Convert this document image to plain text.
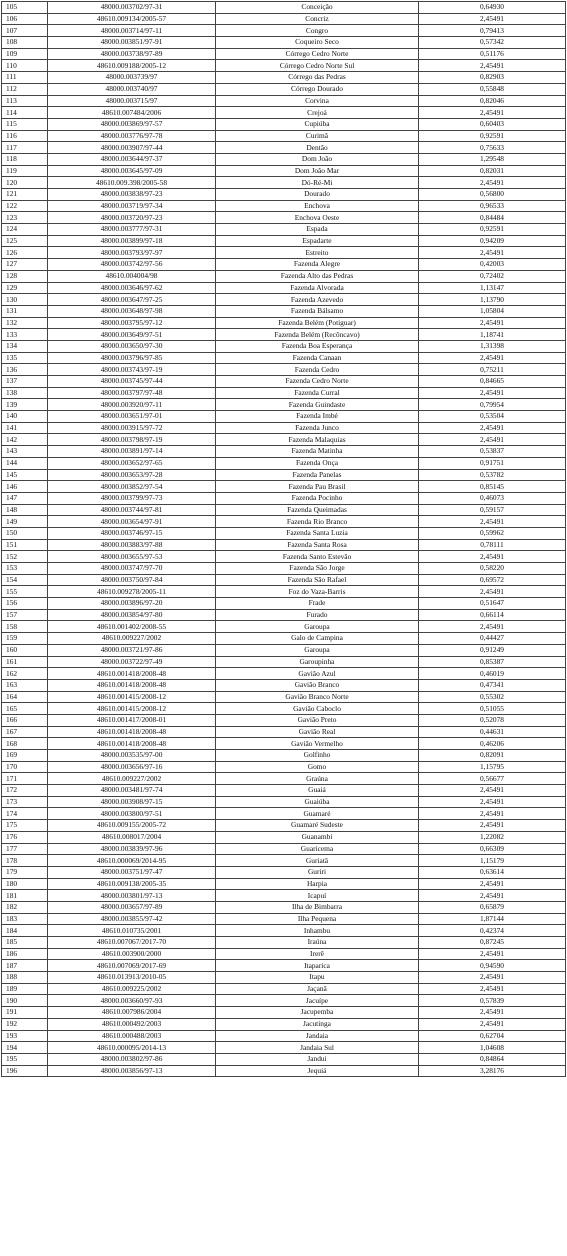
105	48000.003702/97-31	Conceição	0,64930
106	48610.009134/2005-57	Concriz	2,45491
107	48000.003714/97-11	Congro	0,79413
108	48000.003851/97-91	Coqueiro Seco	0,57342
109	48000.003738/97-89	Córrego Cedro Norte	0,51176
110	48610.009188/2005-12	Córrego Cedro Norte Sul	2,45491
111	48000.003739/97	Córrego das Pedras	0,82903
112	48000.003740/97	Córrego Dourado	0,55848
113	48000.003715/97	Corvina	0,82046
114	48610.007484/2006	Crejoá	2,45491
115	48000.003869/97-57	Cupiúba	0,60403
116	48000.003776/97-78	Curimã	0,92591
117	48000.003907/97-44	Dentão	0,75633
118	48000.003644/97-37	Dom João	1,29548
119	48000.003645/97-09	Dom João Mar	0,82031
120	48610.009.398/2005-58	Dó-Ré-Mi	2,45491
121	48000.003838/97-23	Dourado	0,56800
122	48000.003719/97-34	Enchova	0,96533
123	48000.003720/97-23	Enchova Oeste	0,84484
124	48000.003777/97-31	Espada	0,92591
125	48000.003899/97-18	Espadarte	0,94209
126	48000.003793/97-97	Estreito	2,45491
127	48000.003742/97-56	Fazenda Alegre	0,42003
128	48610.004004/98	Fazenda Alto das Pedras	0,72402
129	48000.003646/97-62	Fazenda Alvorada	1,13147
130	48000.003647/97-25	Fazenda Azevedo	1,13790
131	48000.003648/97-98	Fazenda Bálsamo	1,05804
132	48000.003795/97-12	Fazenda Belém (Potiguar)	2,45491
133	48000.003649/97-51	Fazenda Belém (Recôncavo)	1,18741
134	48000.003650/97-30	Fazenda Boa Esperança	1,31398
135	48000.003796/97-85	Fazenda Canaan	2,45491
136	48000.003743/97-19	Fazenda Cedro	0,75211
137	48000.003745/97-44	Fazenda Cedro Norte	0,84665
138	48000.003797/97-48	Fazenda Curral	2,45491
139	48000.003920/97-11	Fazenda Guindaste	0,79954
140	48000.003651/97-01	Fazenda Imbé	0,53504
141	48000.003915/97-72	Fazenda Junco	2,45491
142	48000.003798/97-19	Fazenda Malaquias	2,45491
143	48000.003891/97-14	Fazenda Matinha	0,53837
144	48000.003652/97-65	Fazenda Onça	0,91751
145	48000.003653/97-28	Fazenda Panelas	0,53782
146	48000.003852/97-54	Fazenda Pau Brasil	0,85145
147	48000.003799/97-73	Fazenda Pocinho	0,46073
148	48000.003744/97-81	Fazenda Queimadas	0,59157
149	48000.003654/97-91	Fazenda Rio Branco	2,45491
150	48000.003746/97-15	Fazenda Santa Luzia	0,59962
151	48000.003883/97-88	Fazenda Santa Rosa	0,78111
152	48000.003655/97-53	Fazenda Santo Estevão	2,45491
153	48000.003747/97-70	Fazenda São Jorge	0,58220
154	48000.003750/97-84	Fazenda São Rafael	0,69572
155	48610.009278/2005-11	Foz do Vaza-Barris	2,45491
156	48000.003896/97-20	Frade	0,51647
157	48000.003854/97-80	Furado	0,66114
158	48610.001402/2008-55	Garoupa	2,45491
159	48610.009227/2002	Galo de Campina	0,44427
160	48000.003721/97-86	Garoupa	0,91249
161	48000.003722/97-49	Garoupinha	0,85387
162	48610.001418/2008-48	Gavião Azul	0,46019
163	48610.001418/2008-48	Gavião Branco	0,47341
164	48610.001415/2008-12	Gavião Branco Norte	0,55302
165	48610.001415/2008-12	Gavião Caboclo	0,51055
166	48610.001417/2008-01	Gavião Preto	0,52078
167	48610.001418/2008-48	Gavião Real	0,44631
168	48610.001418/2008-48	Gavião Vermelho	0,46206
169	48000.003535/97-00	Golfinho	0,82091
170	48000.003656/97-16	Gomo	1,15795
171	48610.009227/2002	Graúna	0,56677
172	48000.003481/97-74	Guaiá	2,45491
173	48000.003908/97-15	Guaiúba	2,45491
174	48000.003800/97-51	Guamaré	2,45491
175	48610.009155/2005-72	Guamaré Sudeste	2,45491
176	48610.008017/2004	Guanambi	1,22082
177	48000.003839/97-96	Guaricema	0,66309
178	48610.000069/2014-95	Guriatã	1,15179
179	48000.003751/97-47	Guriri	0,63614
180	48610.009138/2005-35	Harpia	2,45491
181	48000.003801/97-13	Icapuí	2,45491
182	48000.003657/97-89	Ilha de Bimbarra	0,65879
183	48000.003855/97-42	Ilha Pequena	1,87144
184	48610.010735/2001	Inhambu	0,42374
185	48610.007067/2017-70	Iraúna	0,87245
186	48610.003900/2000	Irerê	2,45491
187	48610.007069/2017-69	Itaparica	0,94590
188	48610.013913/2010-05	Itapu	2,45491
189	48610.009225/2002	Jaçanã	2,45491
190	48000.003660/97-93	Jacuípe	0,57839
191	48610.007986/2004	Jacupemba	2,45491
192	48610.000492/2003	Jacutinga	2,45491
193	48610.000488/2003	Jandaia	0,62704
194	48610.000095/2014-13	Jandaia Sul	1,04608
195	48000.003802/97-86	Jandui	0,84864
196	48000.003856/97-13	Jequiá	3,28176
